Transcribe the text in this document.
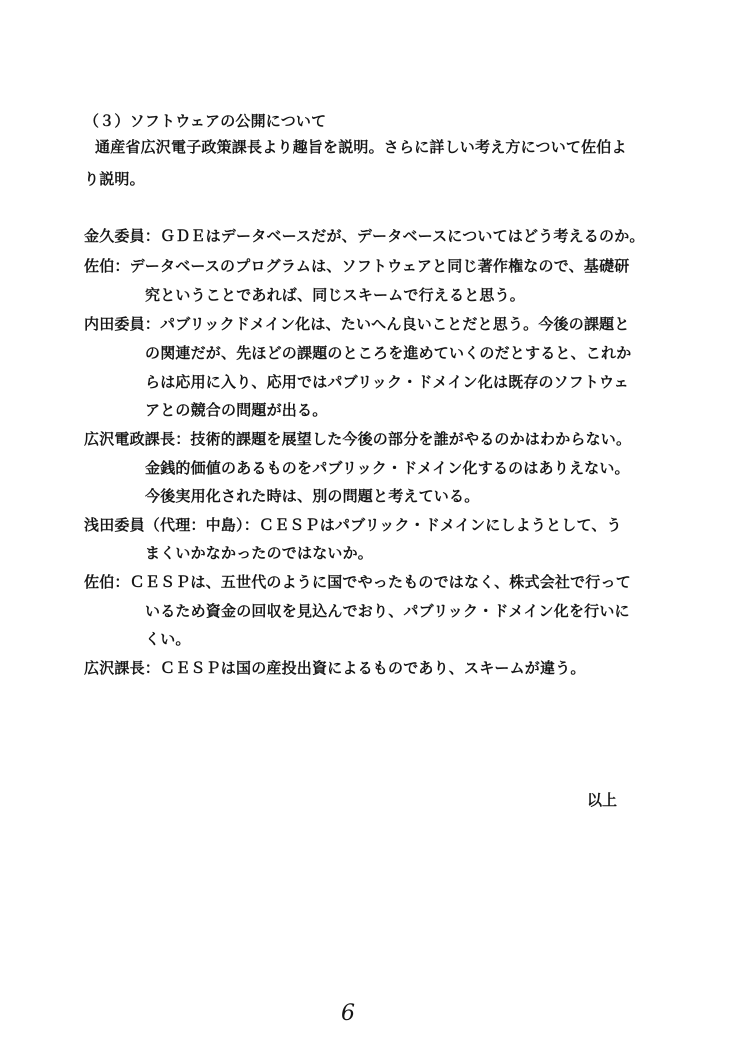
（３）ソフトウェアの公開について
通産省広沢電子政策課長より趣旨を説明。さらに詳しい考え方について佐伯よ
り説明。
金久委員：ＧＤＥはデータベースだが、データベースについてはどう考えるのか。
佐伯：データベースのプログラムは、ソフトウェアと同じ著作権なので、基礎研
究ということであれば、同じスキームで行えると思う。
内田委員：パブリックドメイン化は、たいへん良いことだと思う。今後の課題と
の関連だが、先ほどの課題のところを進めていくのだとすると、これか
らは応用に入り、応用ではパブリック・ドメイン化は既存のソフトウェ
アとの競合の問題が出る。
広沢電政課長：技術的課題を展望した今後の部分を誰がやるのかはわからない。
金銭的価値のあるものをパブリック・ドメイン化するのはありえない。
今後実用化された時は、別の問題と考えている。
浅田委員（代理：中島）：ＣＥＳＰはパブリック・ドメインにしようとして、う
まくいかなかったのではないか。
佐伯：ＣＥＳＰは、五世代のように国でやったものではなく、株式会社で行って
いるため資金の回収を見込んでおり、パブリック・ドメイン化を行いに
くい。
広沢課長：ＣＥＳＰは国の産投出資によるものであり、スキームが違う。
以上
6
